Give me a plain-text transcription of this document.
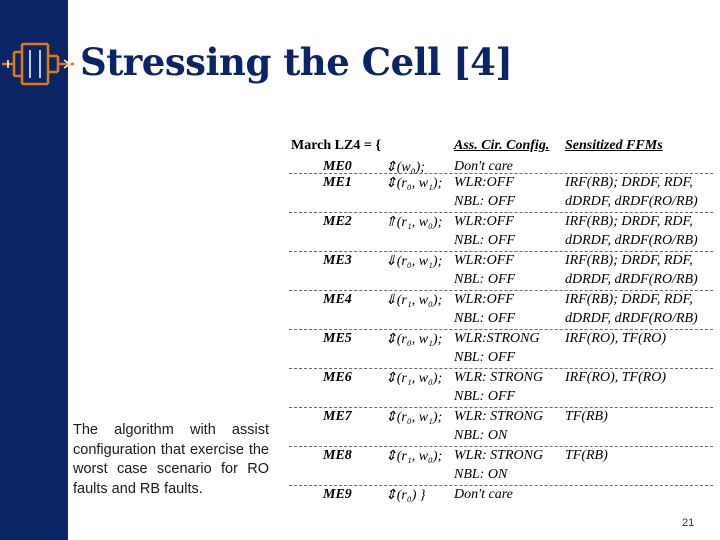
Stressing the Cell [4]
The algorithm with assist configuration that exercise the worst case scenario for RO faults and RB faults.
March LZ4 = {	Ass. Cir. Config. Sensitized FFMs
ME0 ⇕(w₀); Don't care
ME1 ⇕(r₀, w₁); WLR:OFF
NBL: OFF
IRF(RB); DRDF, RDF,
dDRDF, dRDF(RO/RB)
ME2 ⇑(r₁, w₀); WLR:OFF
NBL: OFF
IRF(RB); DRDF, RDF,
dDRDF, dRDF(RO/RB)
ME3 ⇓(r₀, w₁); WLR:OFF
NBL: OFF
IRF(RB); DRDF, RDF,
dDRDF, dRDF(RO/RB)
ME4 ⇓(r₁, w₀); WLR:OFF
NBL: OFF
IRF(RB); DRDF, RDF,
dDRDF, dRDF(RO/RB)
ME5 ⇕(r₀, w₁); WLR:STRONG
NBL: OFF
IRF(RO), TF(RO)
ME6 ⇕(r₁, w₀); WLR: STRONG
NBL: OFF
IRF(RO), TF(RO)
ME7 ⇕(r₀, w₁); WLR: STRONG
NBL: ON
TF(RB)
ME8 ⇕(r₁, w₀); WLR: STRONG
NBL: ON
TF(RB)
ME9 ⇕(r₀) } Don't care
21
